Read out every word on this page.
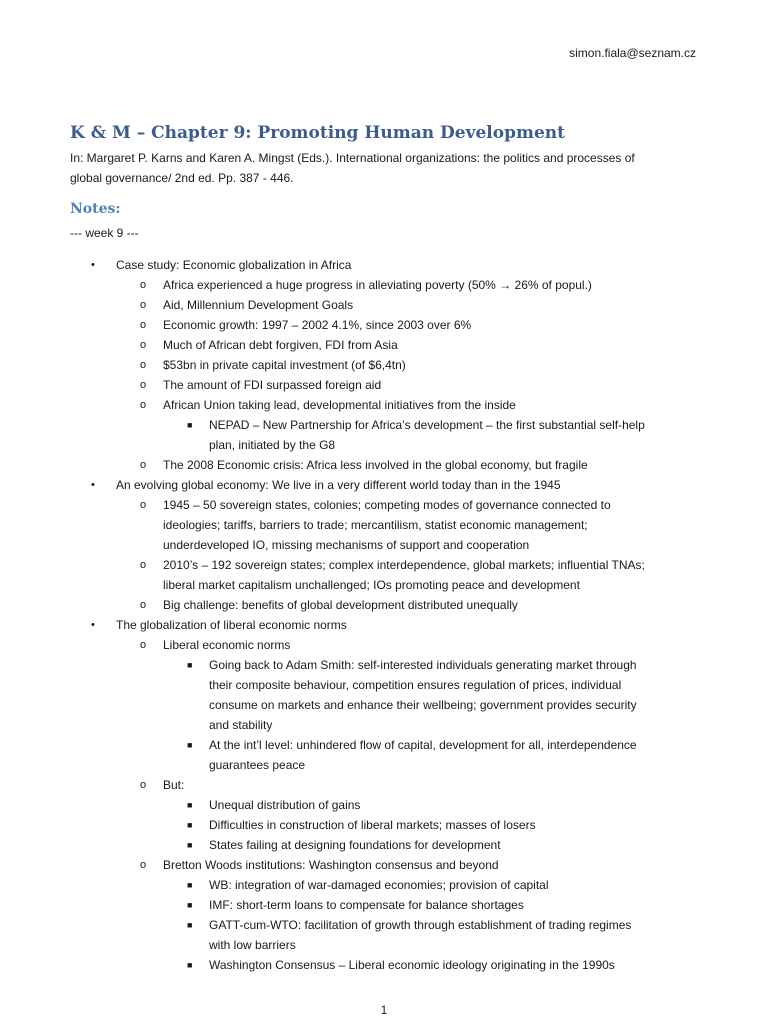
simon.fiala@seznam.cz
K & M – Chapter 9: Promoting Human Development
In: Margaret P. Karns and Karen A. Mingst (Eds.). International organizations: the politics and processes of
global governance/ 2nd ed. Pp. 387 - 446.
Notes:
--- week 9 ---
• Case study: Economic globalization in Africa
o Africa experienced a huge progress in alleviating poverty (50% → 26% of popul.)
o Aid, Millennium Development Goals
o Economic growth: 1997 – 2002 4.1%, since 2003 over 6%
o Much of African debt forgiven, FDI from Asia
o $53bn in private capital investment (of $6,4tn)
o The amount of FDI surpassed foreign aid
o African Union taking lead, developmental initiatives from the inside
■ NEPAD – New Partnership for Africa’s development – the first substantial self-help
plan, initiated by the G8
o The 2008 Economic crisis: Africa less involved in the global economy, but fragile
• An evolving global economy: We live in a very different world today than in the 1945
o 1945 – 50 sovereign states, colonies; competing modes of governance connected to
ideologies; tariffs, barriers to trade; mercantilism, statist economic management;
underdeveloped IO, missing mechanisms of support and cooperation
o 2010’s – 192 sovereign states; complex interdependence, global markets; influential TNAs;
liberal market capitalism unchallenged; IOs promoting peace and development
o Big challenge: benefits of global development distributed unequally
• The globalization of liberal economic norms
o Liberal economic norms
■ Going back to Adam Smith: self-interested individuals generating market through
their composite behaviour, competition ensures regulation of prices, individual
consume on markets and enhance their wellbeing; government provides security
and stability
■ At the int’l level: unhindered flow of capital, development for all, interdependence
guarantees peace
o But:
■ Unequal distribution of gains
■ Difficulties in construction of liberal markets; masses of losers
■ States failing at designing foundations for development
o Bretton Woods institutions: Washington consensus and beyond
■ WB: integration of war-damaged economies; provision of capital
■ IMF: short-term loans to compensate for balance shortages
■ GATT-cum-WTO: facilitation of growth through establishment of trading regimes
with low barriers
■ Washington Consensus – Liberal economic ideology originating in the 1990s
1
